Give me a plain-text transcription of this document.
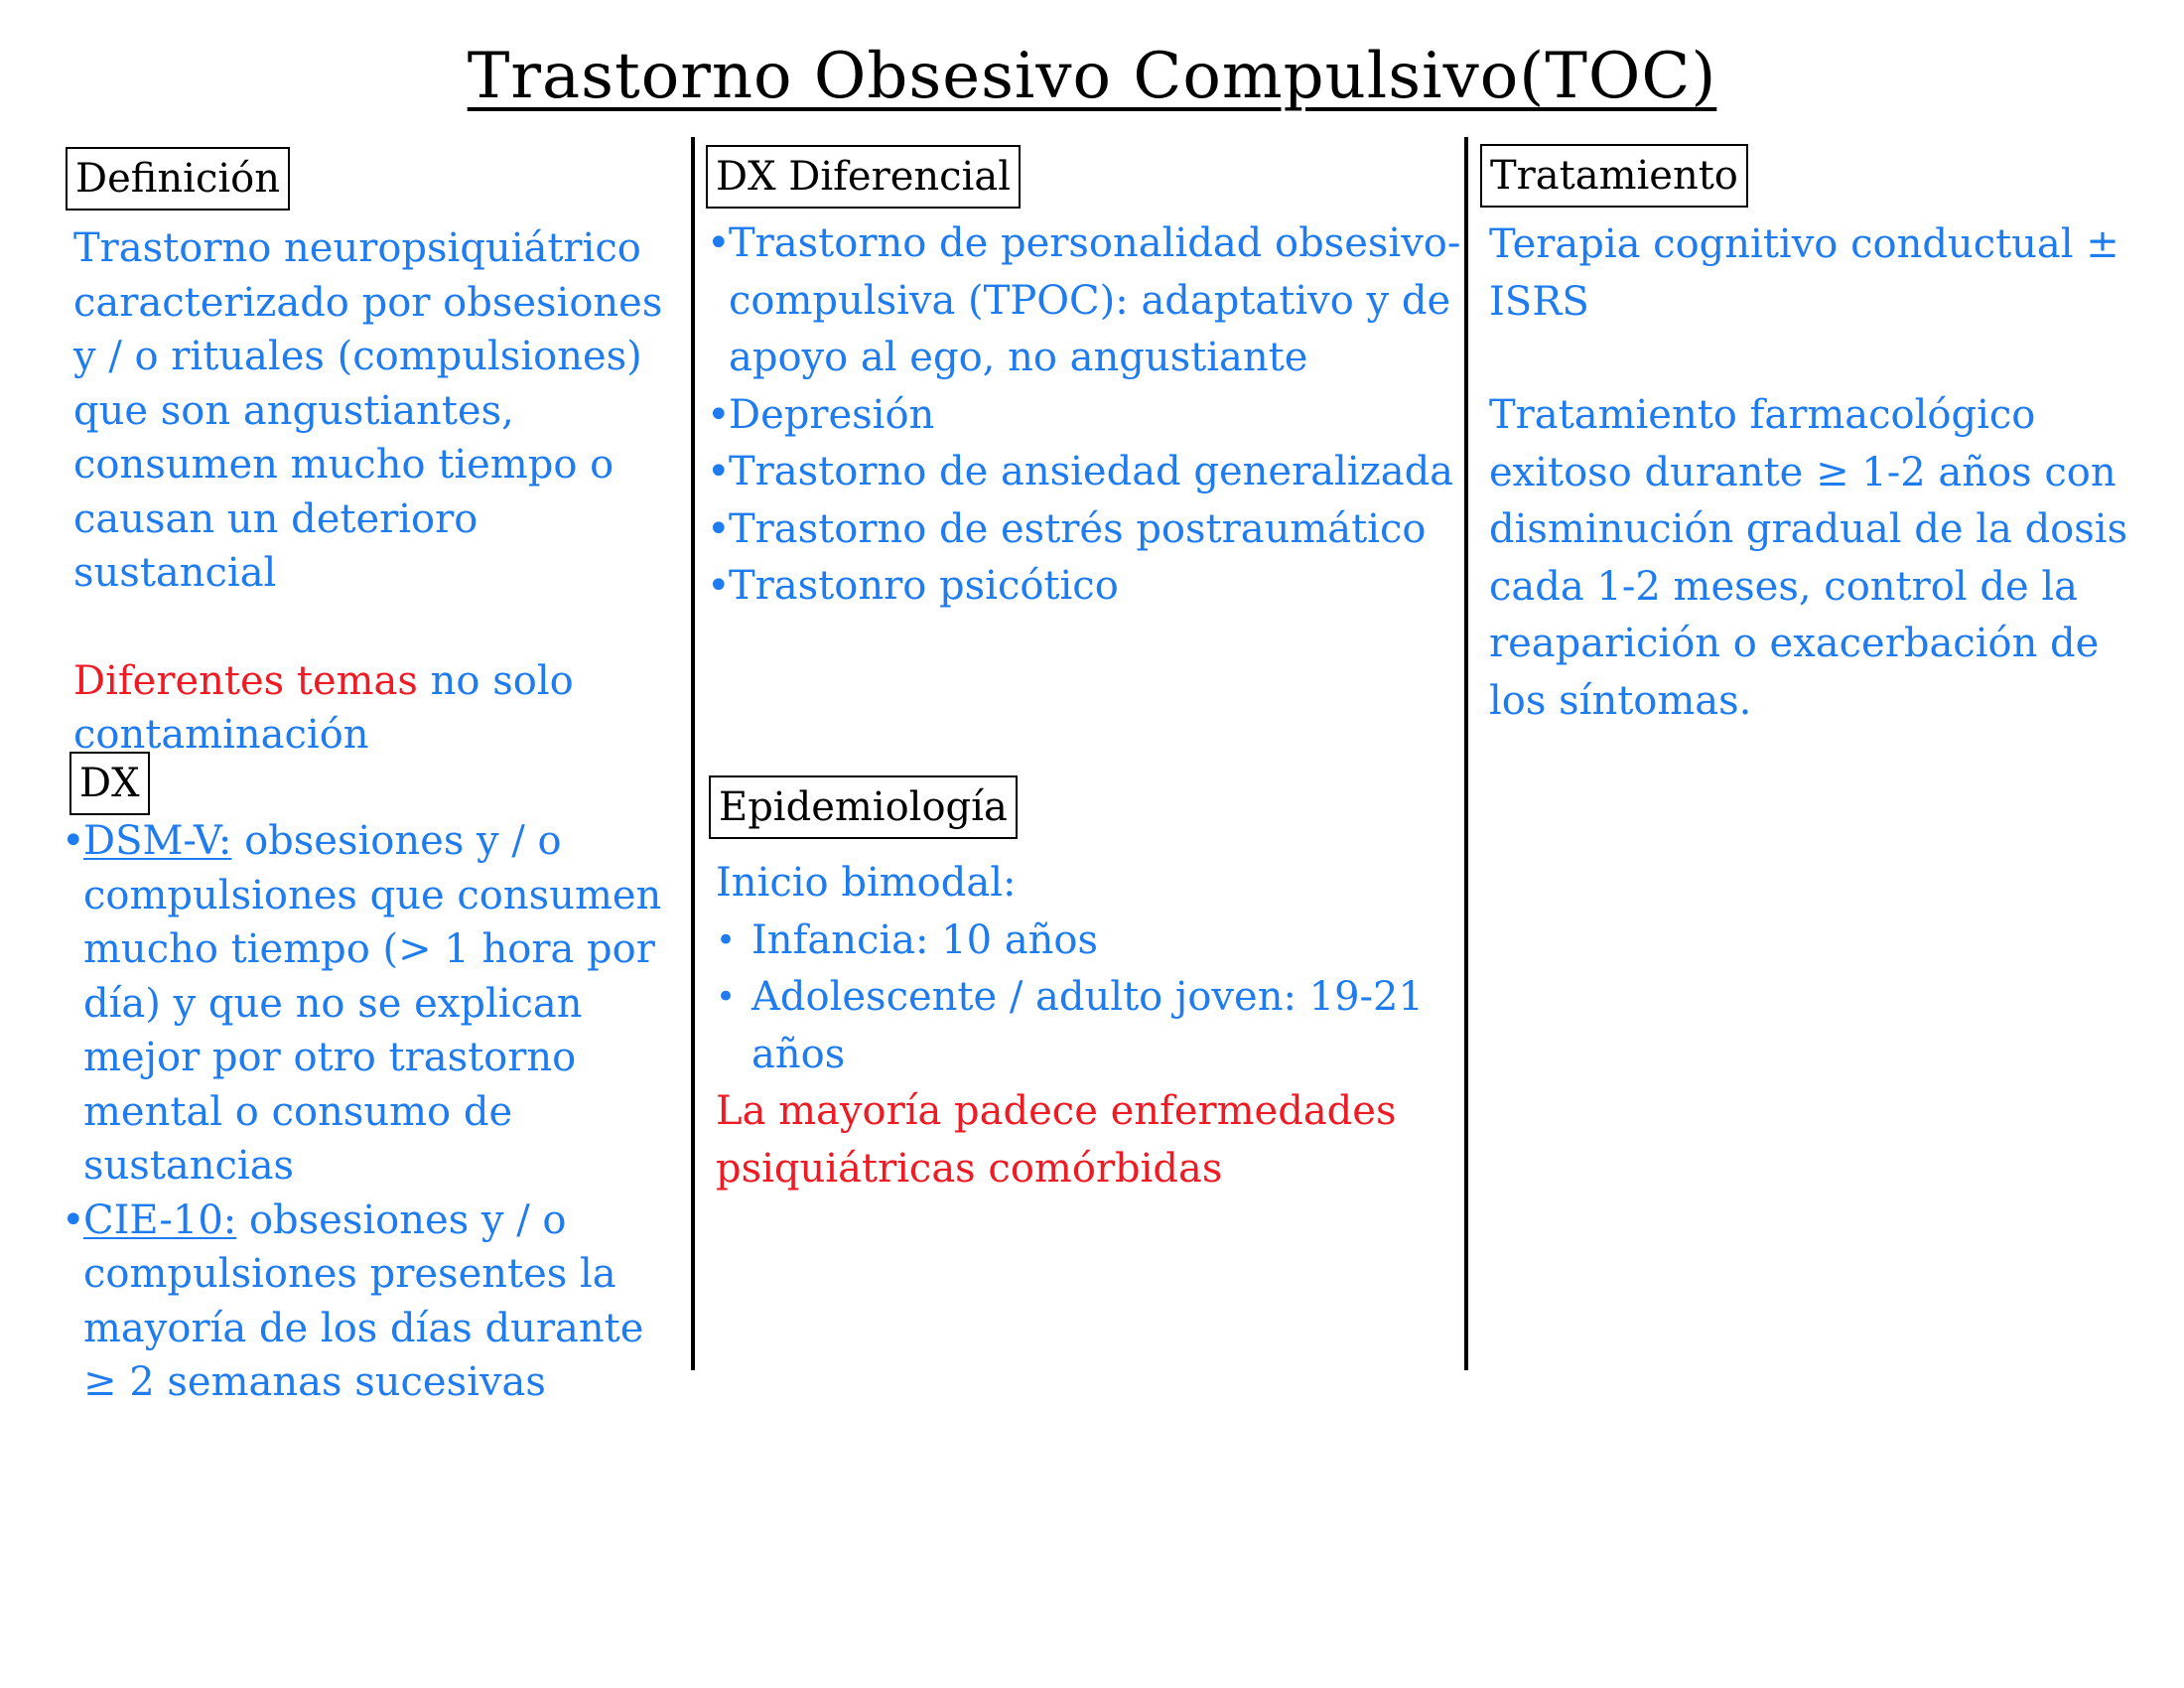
Trastorno Obsesivo Compulsivo(TOC)
Definición

Trastorno neuropsiquiátrico caracterizado por obsesiones y / o rituales (compulsiones) que son angustiantes, consumen mucho tiempo o causan un deterioro sustancial

Diferentes temas no solo contaminación

DX
• DSM-V: obsesiones y / o compulsiones que consumen mucho tiempo (> 1 hora por día) y que no se explican mejor por otro trastorno mental o consumo de sustancias
• CIE-10: obsesiones y / o compulsiones presentes la mayoría de los días durante ≥ 2 semanas sucesivas
DX Diferencial
• Trastorno de personalidad obsesivo-compulsiva (TPOC): adaptativo y de apoyo al ego, no angustiante
• Depresión
• Trastorno de ansiedad generalizada
• Trastorno de estrés postraumático
• Trastonro psicótico
Epidemiología

Inicio bimodal:

• Infancia: 10 años
• Adolescente / adulto joven: 19-21 años

La mayoría padece enfermedades psiquiátricas comórbidas

Tratamiento

Terapia cognitivo conductual ± ISRS

Tratamiento farmacológico exitoso durante ≥ 1-2 años con disminución gradual de la dosis cada 1-2 meses, control de la reaparición o exacerbación de los síntomas.
